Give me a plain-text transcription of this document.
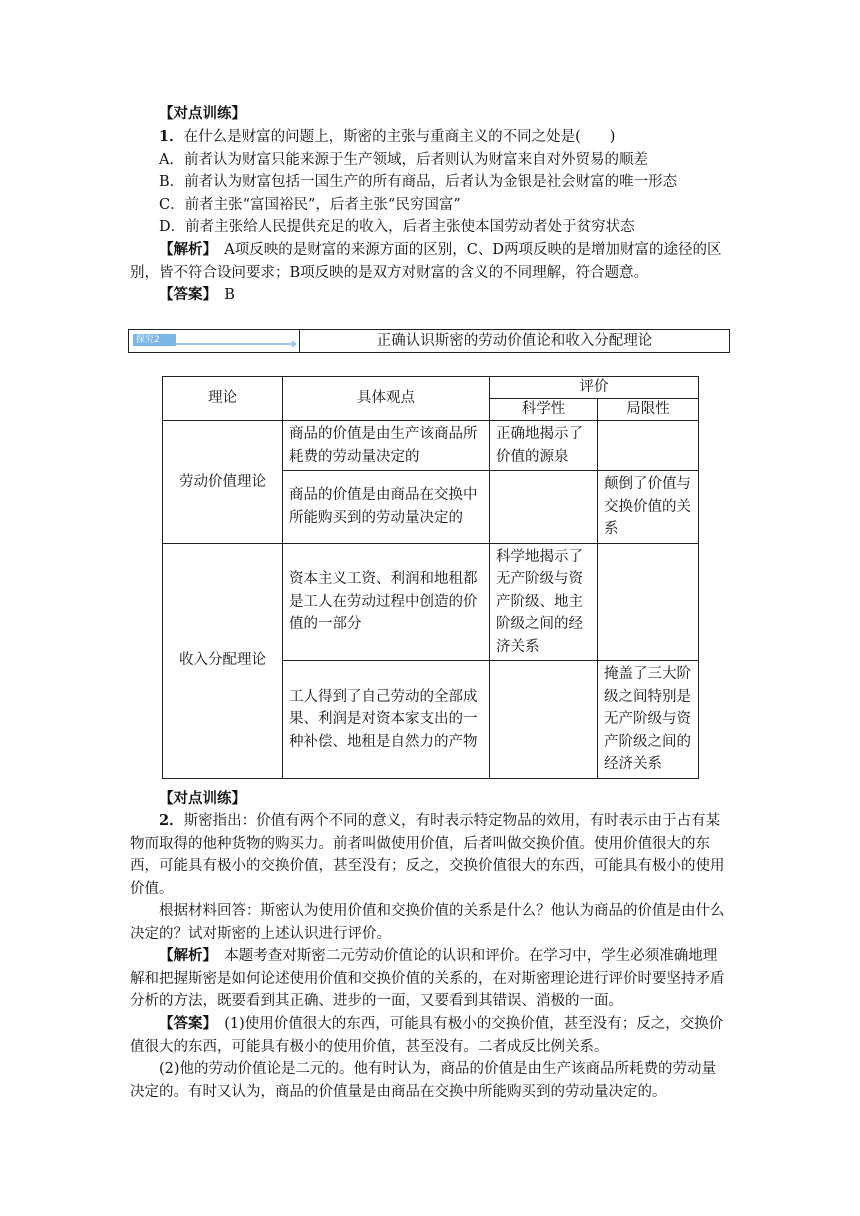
【对点训练】

1．在什么是财富的问题上，斯密的主张与重商主义的不同之处是(　　)

A．前者认为财富只能来源于生产领域，后者则认为财富来自对外贸易的顺差

B．前者认为财富包括一国生产的所有商品，后者认为金银是社会财富的唯一形态

C．前者主张“富国裕民”，后者主张“民穷国富”

D．前者主张给人民提供充足的收入，后者主张使本国劳动者处于贫穷状态

【解析】　A项反映的是财富的来源方面的区别，C、D两项反映的是增加财富的途径的区别，皆不符合设问要求；B项反映的是双方对财富的含义的不同理解，符合题意。

【答案】　B

探究2	正确认识斯密的劳动价值论和收入分配理论
理论	具体观点	评价	
		科学性	局限性
劳动价值理论	商品的价值是由生产该商品所耗费的劳动量决定的	正确地揭示了价值的源泉	
	商品的价值是由商品在交换中所能购买到的劳动量决定的		颠倒了价值与交换价值的关系
收入分配理论	资本主义工资、利润和地租都是工人在劳动过程中创造的价值的一部分	科学地揭示了无产阶级与资产阶级、地主阶级之间的经济关系	
	工人得到了自己劳动的全部成果、利润是对资本家支出的一种补偿、地租是自然力的产物		掩盖了三大阶级之间特别是无产阶级与资产阶级之间的经济关系

【对点训练】

2．斯密指出：价值有两个不同的意义，有时表示特定物品的效用，有时表示由于占有某物而取得的他种货物的购买力。前者叫做使用价值，后者叫做交换价值。使用价值很大的东西，可能具有极小的交换价值，甚至没有；反之，交换价值很大的东西，可能具有极小的使用价值。

根据材料回答：斯密认为使用价值和交换价值的关系是什么？他认为商品的价值是由什么决定的？试对斯密的上述认识进行评价。

【解析】　本题考查对斯密二元劳动价值论的认识和评价。在学习中，学生必须准确地理解和把握斯密是如何论述使用价值和交换价值的关系的，在对斯密理论进行评价时要坚持矛盾分析的方法，既要看到其正确、进步的一面，又要看到其错误、消极的一面。

【答案】　(1)使用价值很大的东西，可能具有极小的交换价值，甚至没有；反之，交换价值很大的东西，可能具有极小的使用价值，甚至没有。二者成反比例关系。

(2)他的劳动价值论是二元的。他有时认为，商品的价值是由生产该商品所耗费的劳动量决定的。有时又认为，商品的价值量是由商品在交换中所能购买到的劳动量决定的。
